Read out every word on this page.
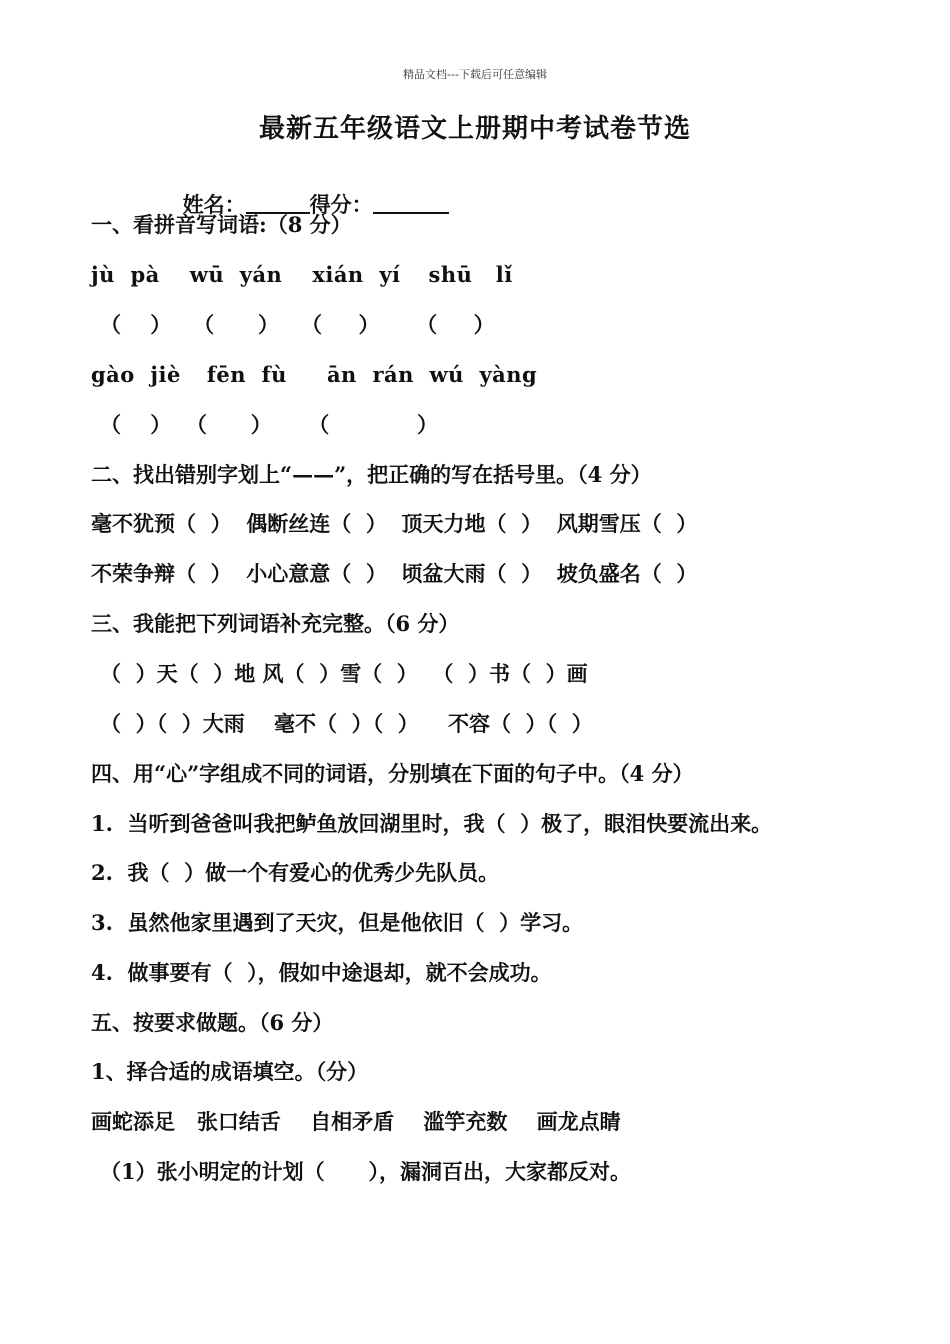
精品文档---下载后可任意编辑
最新五年级语文上册期中考试卷节选

姓名：	得分：

一、看拼音写词语:（8 分）
jù  pà wū  yán xián  yí shū   lǐ
（    ）   （      ）   （     ）     （     ）
gào  jiè fēn  fù ān  rán  wú  yàng
（    ）  （      ）     （            ）
二、找出错别字划上“——”，把正确的写在括号里。（4 分）
毫不犹预（  ）  偶断丝连（  ）  顶天力地（  ）  风期雪压（  ）
不荣争辩（  ）  小心意意（  ）  顷盆大雨（  ）  坡负盛名（  ）
三、我能把下列词语补充完整。（6 分）
（  ）天（  ）地 风（  ）雪（  ）  （  ）书（  ）画
（  ）（  ）大雨    毫不（  ）（  ）    不容（  ）（  ）
四、用“心”字组成不同的词语，分别填在下面的句子中。（4 分）
1.  当听到爸爸叫我把鲈鱼放回湖里时，我（  ）极了，眼泪快要流出来。
2.  我（  ）做一个有爱心的优秀少先队员。
3.  虽然他家里遇到了天灾，但是他依旧（  ）学习。
4.  做事要有（  ），假如中途退却，就不会成功。
五、按要求做题。（6 分）
1、择合适的成语填空。（分）
画蛇添足   张口结舌    自相矛盾    滥竽充数    画龙点睛
（1）张小明定的计划（      ），漏洞百出，大家都反对。
